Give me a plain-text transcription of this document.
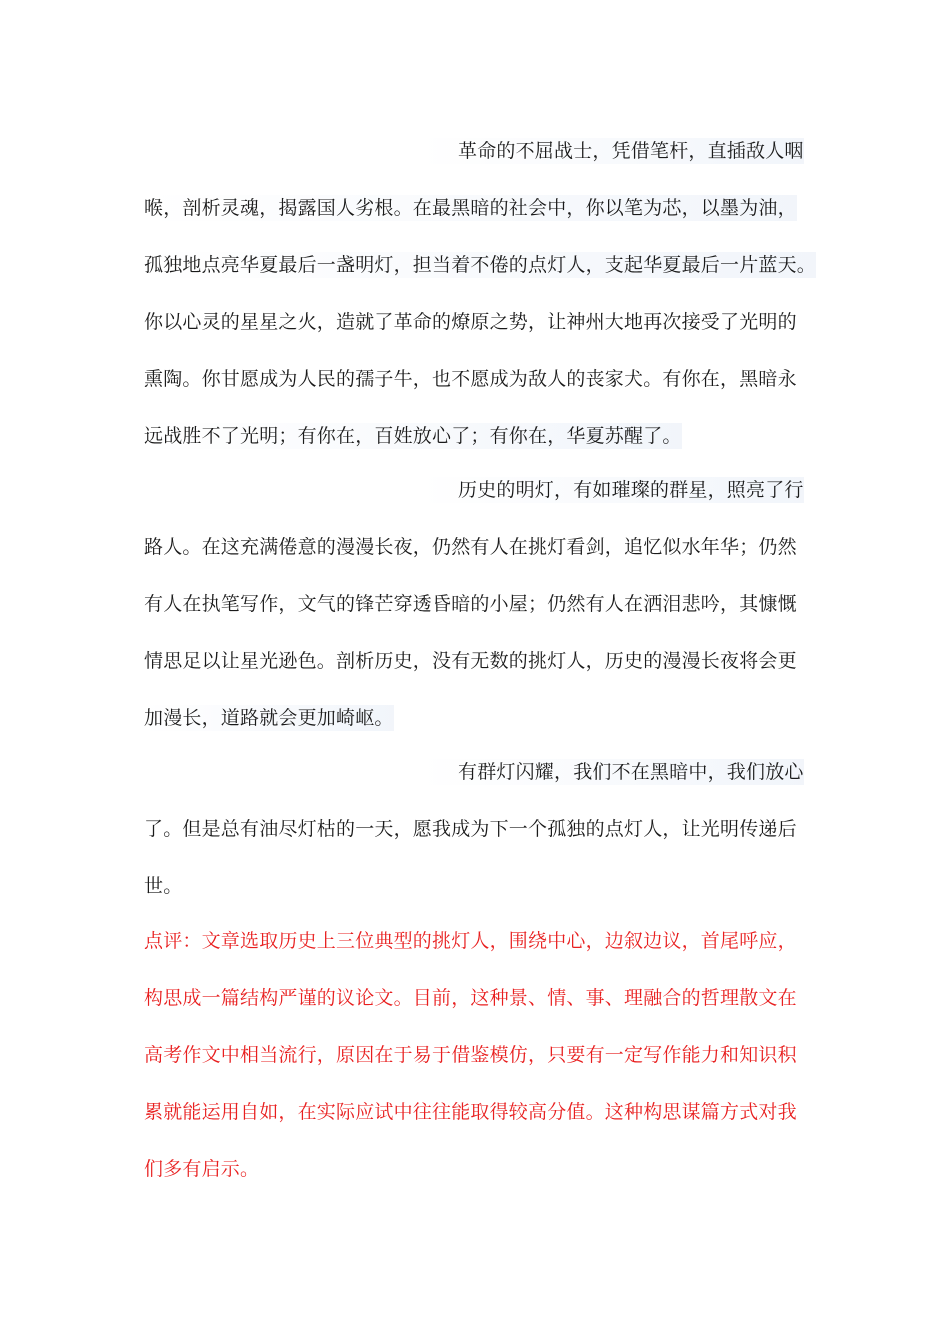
革命的不屈战士，凭借笔杆，直插敌人咽
喉，剖析灵魂，揭露国人劣根。在最黑暗的社会中，你以笔为芯，以墨为油，
孤独地点亮华夏最后一盏明灯，担当着不倦的点灯人，支起华夏最后一片蓝天。
你以心灵的星星之火，造就了革命的燎原之势，让神州大地再次接受了光明的
熏陶。你甘愿成为人民的孺子牛，也不愿成为敌人的丧家犬。有你在，黑暗永
远战胜不了光明；有你在，百姓放心了；有你在，华夏苏醒了。
历史的明灯，有如璀璨的群星，照亮了行
路人。在这充满倦意的漫漫长夜，仍然有人在挑灯看剑，追忆似水年华；仍然
有人在执笔写作，文气的锋芒穿透昏暗的小屋；仍然有人在洒泪悲吟，其慷慨
情思足以让星光逊色。剖析历史，没有无数的挑灯人，历史的漫漫长夜将会更
加漫长，道路就会更加崎岖。
有群灯闪耀，我们不在黑暗中，我们放心
了。但是总有油尽灯枯的一天，愿我成为下一个孤独的点灯人，让光明传递后
世。
点评：文章选取历史上三位典型的挑灯人，围绕中心，边叙边议，首尾呼应，
构思成一篇结构严谨的议论文。目前，这种景、情、事、理融合的哲理散文在
高考作文中相当流行，原因在于易于借鉴模仿，只要有一定写作能力和知识积
累就能运用自如，在实际应试中往往能取得较高分值。这种构思谋篇方式对我
们多有启示。
